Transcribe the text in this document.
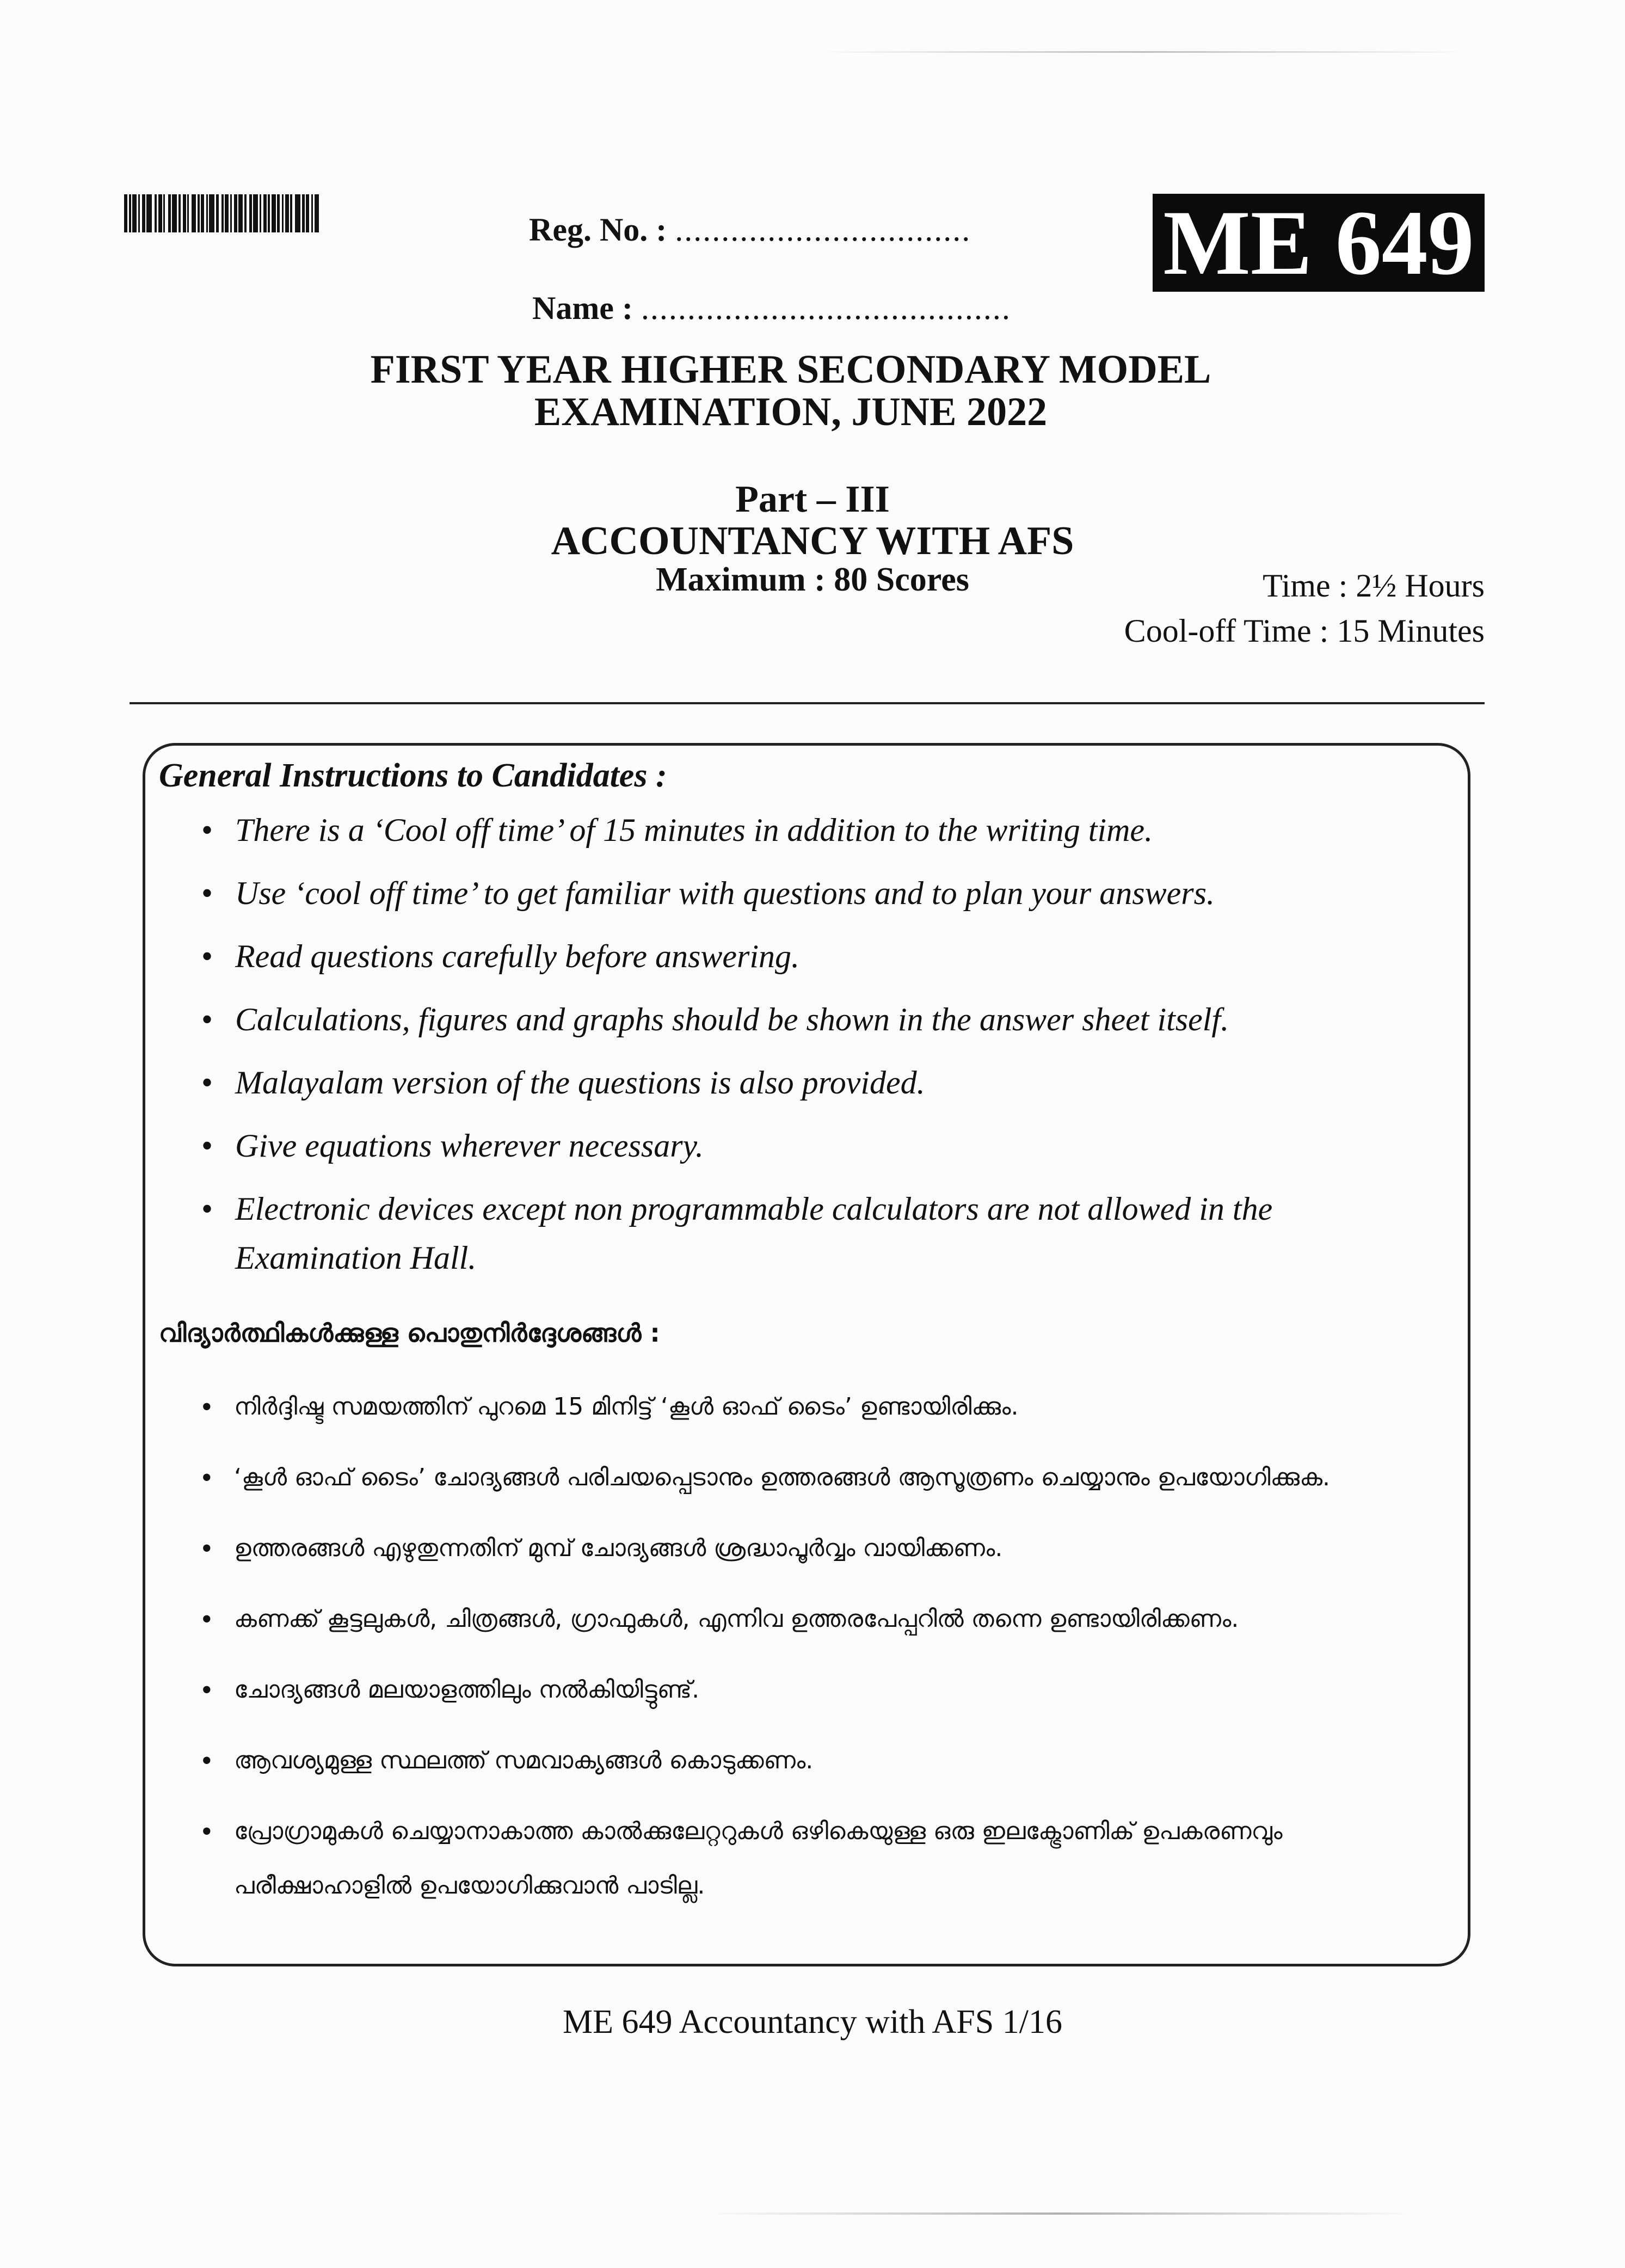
Reg. No. : ................................ ME 649
Name : ........................................
FIRST YEAR HIGHER SECONDARY MODEL
EXAMINATION, JUNE 2022
Part – III
ACCOUNTANCY WITH AFS
Maximum : 80 Scores	Time : 2½ Hours
Cool-off Time : 15 Minutes
General Instructions to Candidates :
• There is a ‘Cool off time’ of 15 minutes in addition to the writing time.
• Use ‘cool off time’ to get familiar with questions and to plan your answers.
• Read questions carefully before answering.
• Calculations, figures and graphs should be shown in the answer sheet itself.
• Malayalam version of the questions is also provided.
• Give equations wherever necessary.
• Electronic devices except non programmable calculators are not allowed in the Examination Hall.
വിദ്യാർത്ഥികൾക്കുള്ള പൊതുനിർദ്ദേശങ്ങൾ :
• നിർദ്ദിഷ്ട സമയത്തിന് പുറമെ 15 മിനിട്ട് ‘കൂൾ ഓഫ് ടൈം’ ഉണ്ടായിരിക്കും.
• ‘കൂൾ ഓഫ് ടൈം’ ചോദ്യങ്ങൾ പരിചയപ്പെടാനും ഉത്തരങ്ങൾ ആസൂത്രണം ചെയ്യാനും ഉപയോഗിക്കുക.
• ഉത്തരങ്ങൾ എഴുതുന്നതിന് മുമ്പ് ചോദ്യങ്ങൾ ശ്രദ്ധാപൂർവ്വം വായിക്കണം.
• കണക്ക് കൂട്ടലുകൾ, ചിത്രങ്ങൾ, ഗ്രാഫുകൾ, എന്നിവ ഉത്തരപേപ്പറിൽ തന്നെ ഉണ്ടായിരിക്കണം.
• ചോദ്യങ്ങൾ മലയാളത്തിലും നൽകിയിട്ടുണ്ട്.
• ആവശ്യമുള്ള സ്ഥലത്ത് സമവാക്യങ്ങൾ കൊടുക്കണം.
• പ്രോഗ്രാമുകൾ ചെയ്യാനാകാത്ത കാൽക്കുലേറ്ററുകൾ ഒഴികെയുള്ള ഒരു ഇലക്ട്രോണിക് ഉപകരണവും പരീക്ഷാഹാളിൽ ഉപയോഗിക്കുവാൻ പാടില്ല.
ME 649 Accountancy with AFS 1/16
